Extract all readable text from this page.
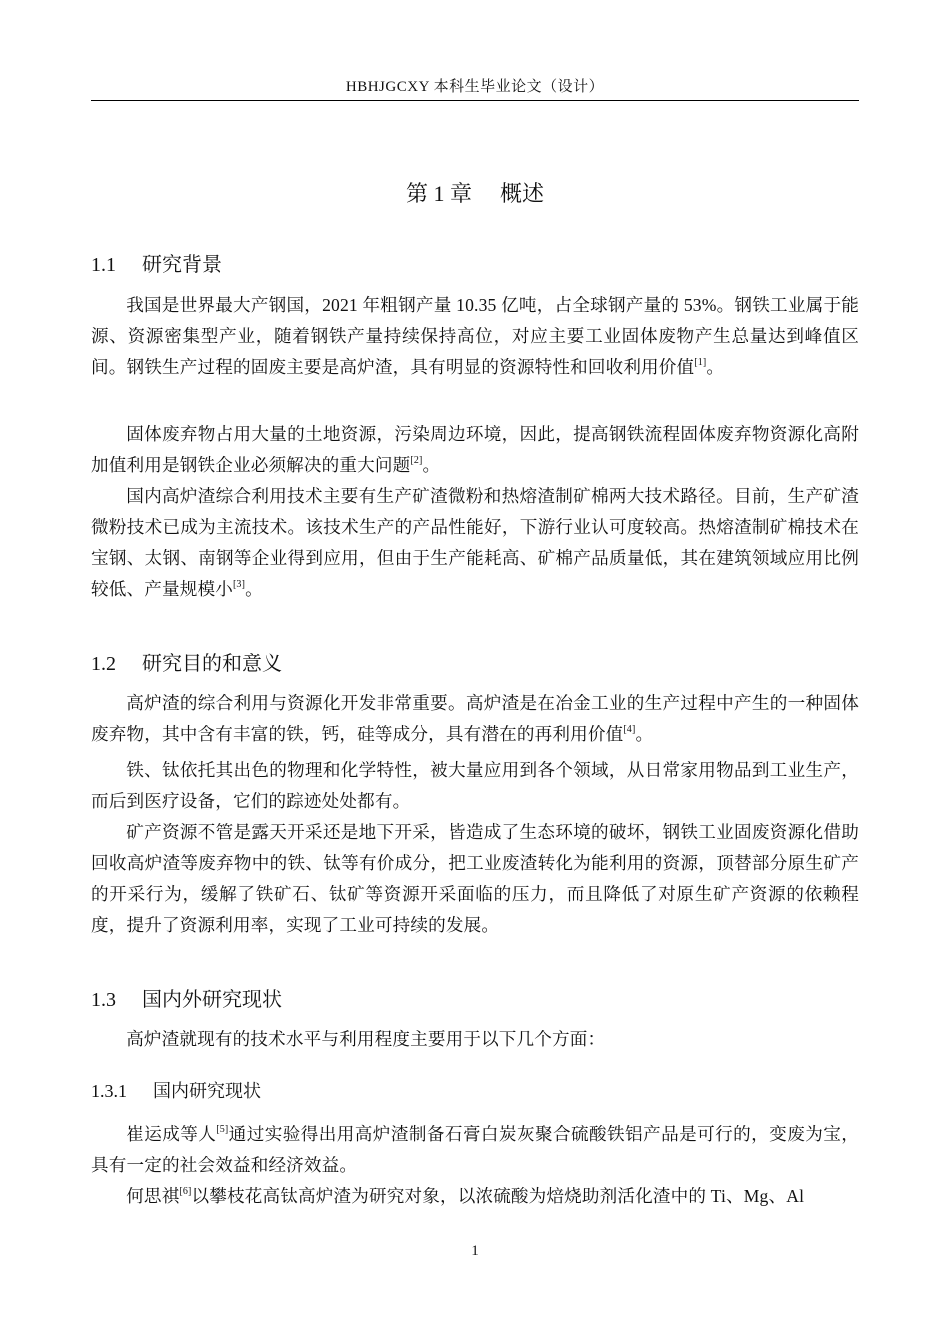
HBHJGCXY 本科生毕业论文（设计）
第 1 章 概述
1.1 研究背景

我国是世界最大产钢国，2021 年粗钢产量 10.35 亿吨，占全球钢产量的 53%。钢铁工业属于能源、资源密集型产业，随着钢铁产量持续保持高位，对应主要工业固体废物产生总量达到峰值区间。钢铁生产过程的固废主要是高炉渣，具有明显的资源特性和回收利用价值[1]。

固体废弃物占用大量的土地资源，污染周边环境，因此，提高钢铁流程固体废弃物资源化高附加值利用是钢铁企业必须解决的重大问题[2]。

国内高炉渣综合利用技术主要有生产矿渣微粉和热熔渣制矿棉两大技术路径。目前，生产矿渣微粉技术已成为主流技术。该技术生产的产品性能好，下游行业认可度较高。热熔渣制矿棉技术在宝钢、太钢、南钢等企业得到应用，但由于生产能耗高、矿棉产品质量低，其在建筑领域应用比例较低、产量规模小[3]。

1.2 研究目的和意义

高炉渣的综合利用与资源化开发非常重要。高炉渣是在冶金工业的生产过程中产生的一种固体废弃物，其中含有丰富的铁，钙，硅等成分，具有潜在的再利用价值[4]。

铁、钛依托其出色的物理和化学特性，被大量应用到各个领域，从日常家用物品到工业生产，而后到医疗设备，它们的踪迹处处都有。

矿产资源不管是露天开采还是地下开采，皆造成了生态环境的破坏，钢铁工业固废资源化借助回收高炉渣等废弃物中的铁、钛等有价成分，把工业废渣转化为能利用的资源，顶替部分原生矿产的开采行为，缓解了铁矿石、钛矿等资源开采面临的压力，而且降低了对原生矿产资源的依赖程度，提升了资源利用率，实现了工业可持续的发展。

1.3 国内外研究现状

高炉渣就现有的技术水平与利用程度主要用于以下几个方面：

1.3.1 国内研究现状

崔运成等人[5]通过实验得出用高炉渣制备石膏白炭灰聚合硫酸铁铝产品是可行的，变废为宝，具有一定的社会效益和经济效益。

何思祺[6]以攀枝花高钛高炉渣为研究对象，以浓硫酸为焙烧助剂活化渣中的 Ti、Mg、Al

1
